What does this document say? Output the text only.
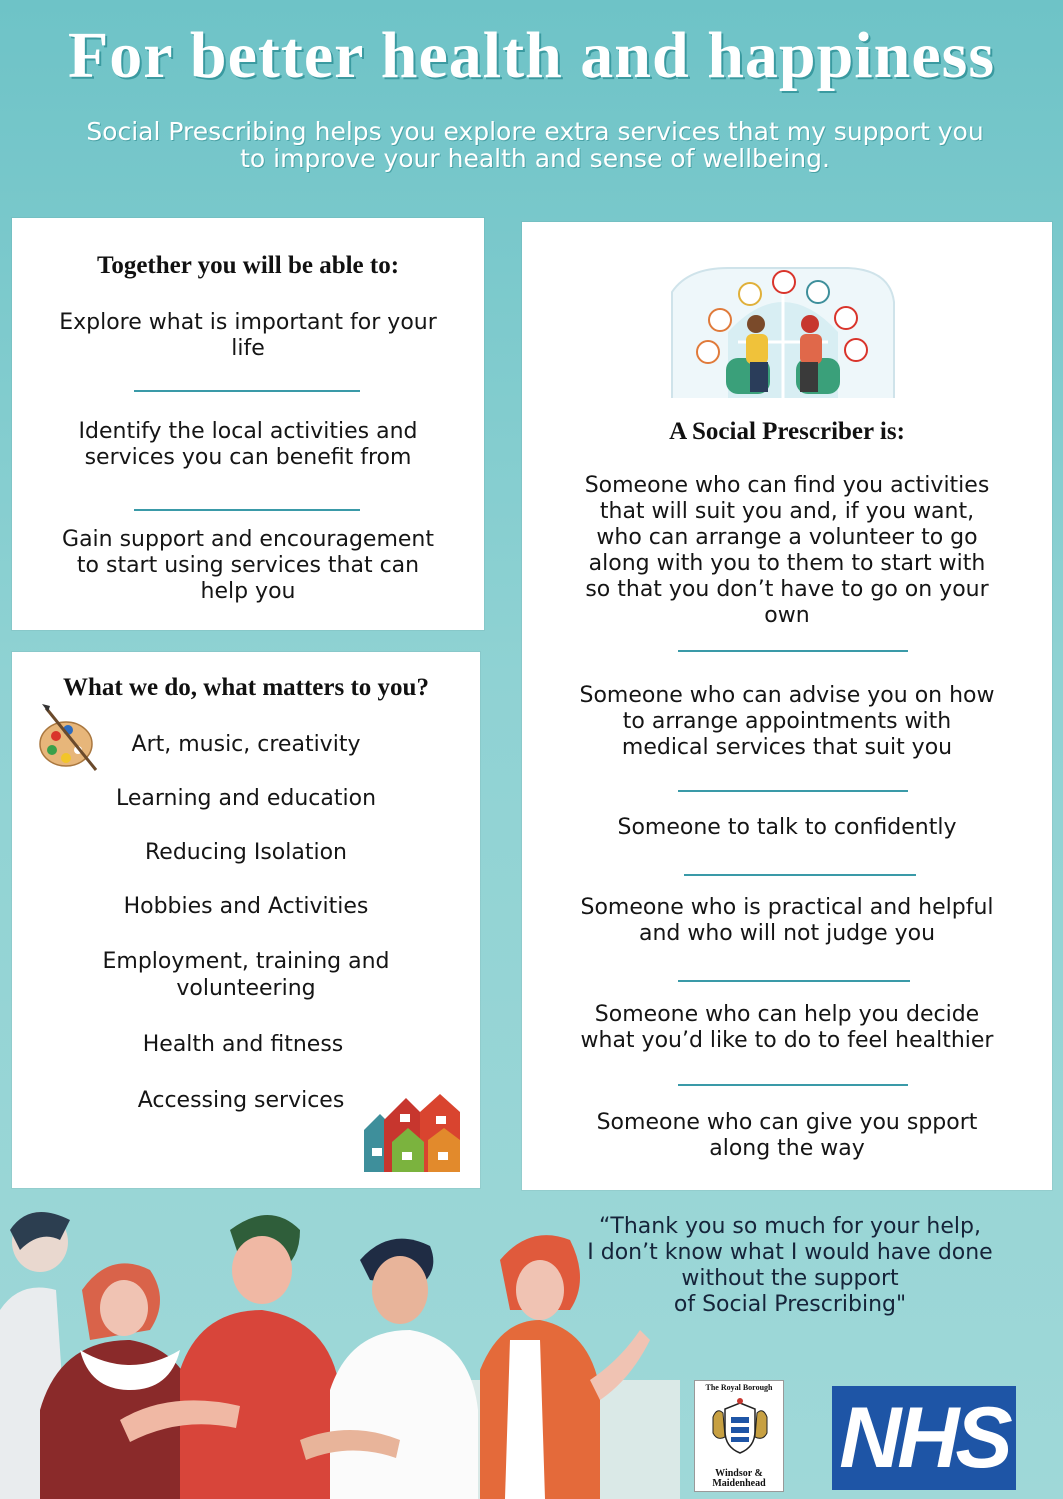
For better health and happiness
Social Prescribing helps you explore extra services that my support you
to improve your health and sense of wellbeing.
Together you will be able to:
Explore what is important for your
life
Identify the local activities and
services you can benefit from
Gain support and encouragement
to start using services that can
help you
What we do, what matters to you?
Art, music, creativity
Learning and education
Reducing Isolation
Hobbies and Activities
Employment, training and
volunteering
Health and fitness
Accessing services
A Social Prescriber is:
Someone who can find you activities
that will suit you and, if you want,
who can arrange a volunteer to go
along with you to them to start with
so that you don’t have to go on your
own
Someone who can advise you on how
to arrange appointments with
medical services that suit you
Someone to talk to confidently
Someone who is practical and helpful
and who will not judge you
Someone who can help you decide
what you’d like to do to feel healthier
Someone who can give you spport
along the way
“Thank you so much for your help,
I don’t know what I would have done
without the support
of Social Prescribing"
The Royal Borough
Windsor &
Maidenhead NHS
